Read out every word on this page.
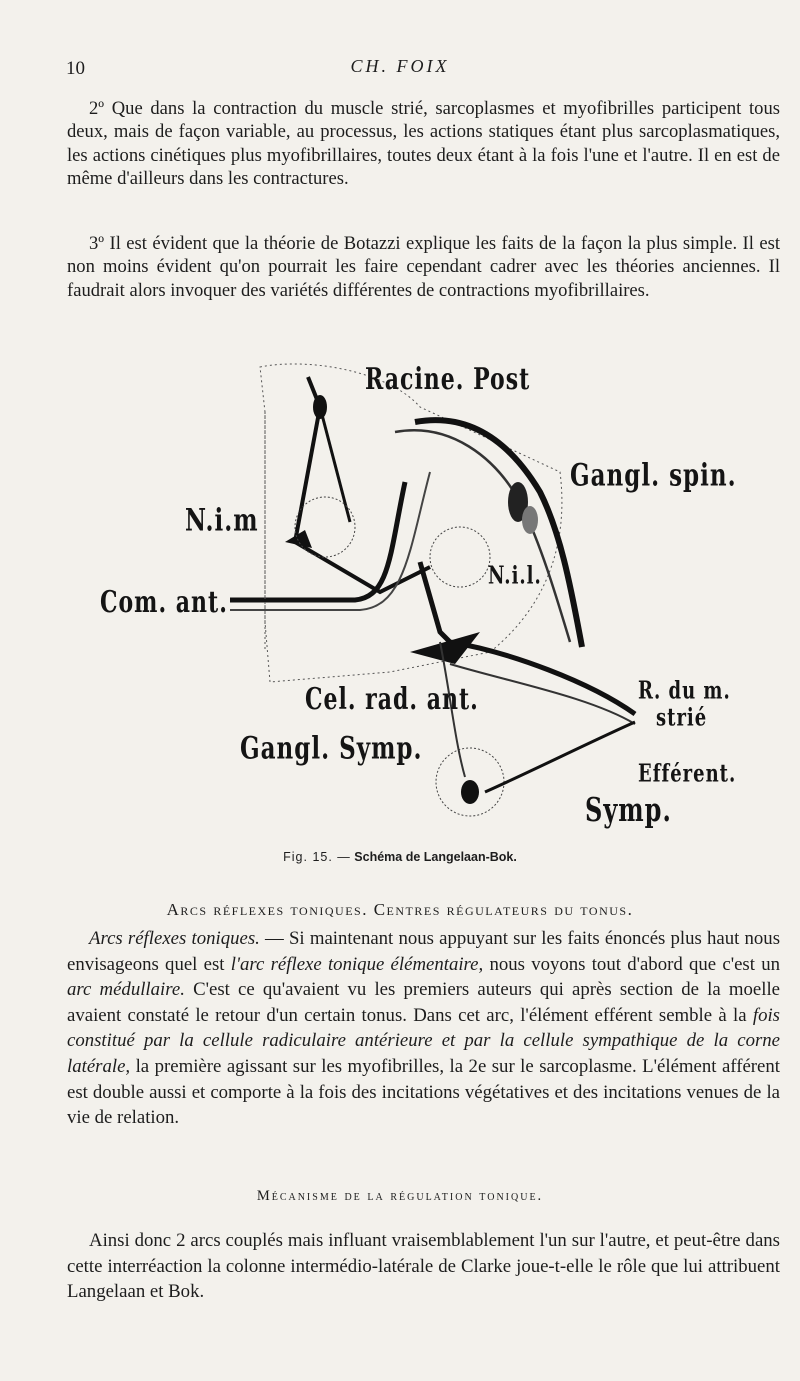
10	CH. FOIX

2º Que dans la contraction du muscle strié, sarcoplasmes et myofibrilles participent tous deux, mais de façon variable, au processus, les actions statiques étant plus sarcoplasmatiques, les actions cinétiques plus myofibrillaires, toutes deux étant à la fois l'une et l'autre. Il en est de même d'ailleurs dans les contractures.

3º Il est évident que la théorie de Botazzi explique les faits de la façon la plus simple. Il est non moins évident qu'on pourrait les faire cependant cadrer avec les théories anciennes. Il faudrait alors invoquer des variétés différentes de contractions myofibrillaires.

Racine. Post
Gangl. spin.
N.i.m
Com. ant.
N.i.l.
R. du m.
strié
Cel. rad. ant.
Gangl. Symp.
Efférent.
Symp.
Fig. 15. — Schéma de Langelaan-Bok.
Arcs réflexes toniques. Centres régulateurs du tonus.

Arcs réflexes toniques. — Si maintenant nous appuyant sur les faits énoncés plus haut nous envisageons quel est l'arc réflexe tonique élémentaire, nous voyons tout d'abord que c'est un arc médullaire. C'est ce qu'avaient vu les premiers auteurs qui après section de la moelle avaient constaté le retour d'un certain tonus. Dans cet arc, l'élément efférent semble à la fois constitué par la cellule radiculaire antérieure et par la cellule sympathique de la corne latérale, la première agissant sur les myofibrilles, la 2e sur le sarcoplasme. L'élément afférent est double aussi et comporte à la fois des incitations végétatives et des incitations venues de la vie de relation.

Mécanisme de la régulation tonique.

Ainsi donc 2 arcs couplés mais influant vraisemblablement l'un sur l'autre, et peut-être dans cette interréaction la colonne intermédio-latérale de Clarke joue-t-elle le rôle que lui attribuent Langelaan et Bok.
